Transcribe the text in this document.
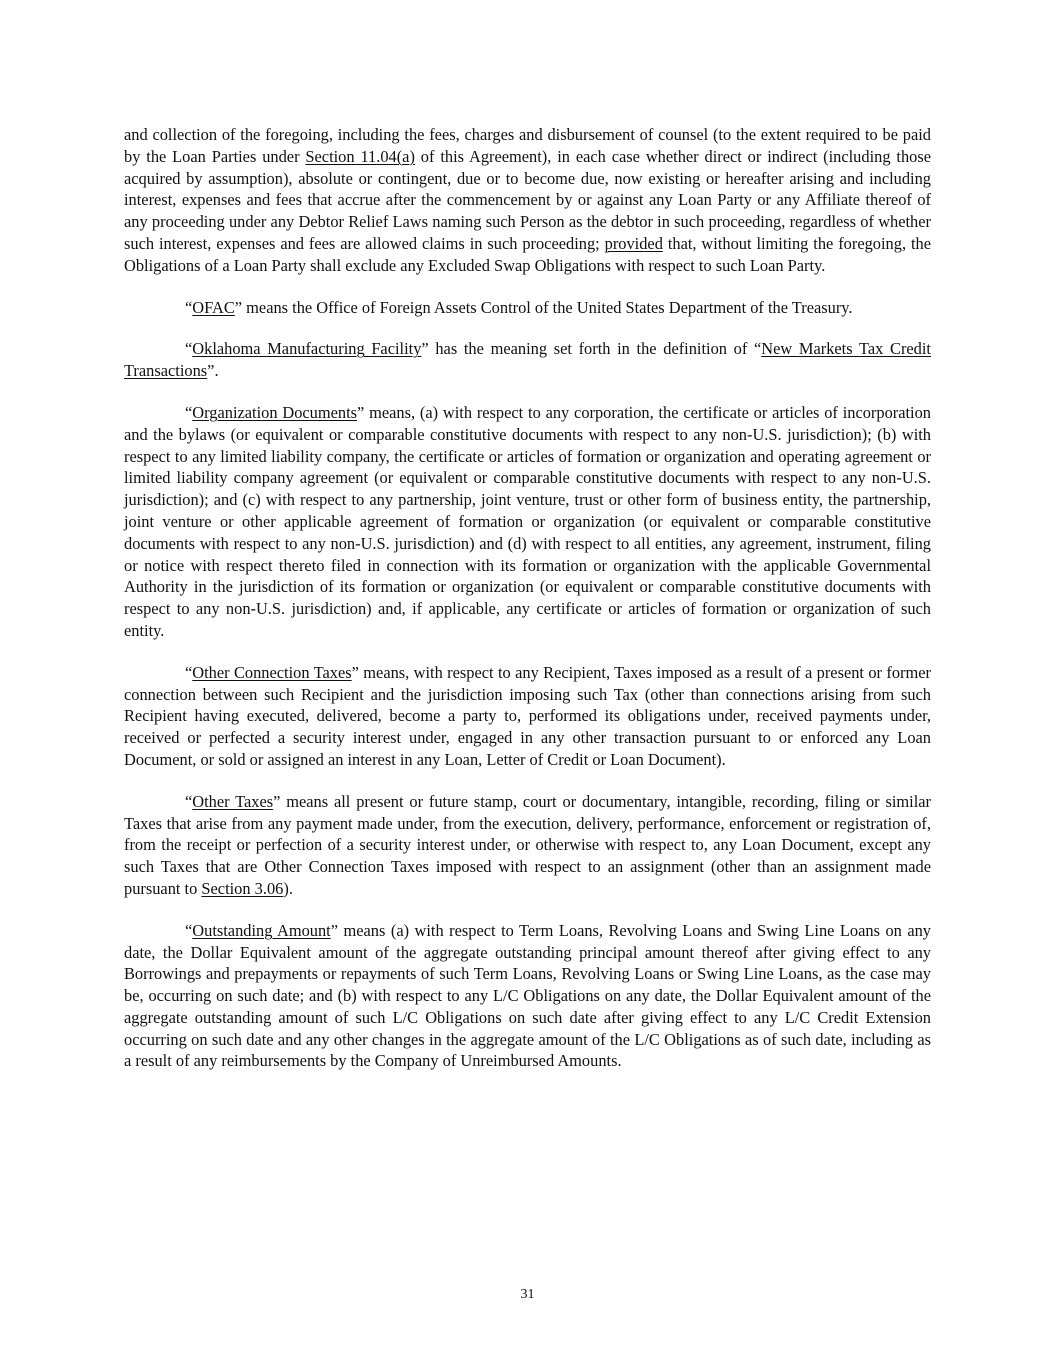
and collection of the foregoing, including the fees, charges and disbursement of counsel (to the extent required to be paid by the Loan Parties under Section 11.04(a) of this Agreement), in each case whether direct or indirect (including those acquired by assumption), absolute or contingent, due or to become due, now existing or hereafter arising and including interest, expenses and fees that accrue after the commencement by or against any Loan Party or any Affiliate thereof of any proceeding under any Debtor Relief Laws naming such Person as the debtor in such proceeding, regardless of whether such interest, expenses and fees are allowed claims in such proceeding; provided that, without limiting the foregoing, the Obligations of a Loan Party shall exclude any Excluded Swap Obligations with respect to such Loan Party.

“OFAC” means the Office of Foreign Assets Control of the United States Department of the Treasury.

“Oklahoma Manufacturing Facility” has the meaning set forth in the definition of “New Markets Tax Credit Transactions”.

“Organization Documents” means, (a) with respect to any corporation, the certificate or articles of incorporation and the bylaws (or equivalent or comparable constitutive documents with respect to any non-U.S. jurisdiction); (b) with respect to any limited liability company, the certificate or articles of formation or organization and operating agreement or limited liability company agreement (or equivalent or comparable constitutive documents with respect to any non-U.S. jurisdiction); and (c) with respect to any partnership, joint venture, trust or other form of business entity, the partnership, joint venture or other applicable agreement of formation or organization (or equivalent or comparable constitutive documents with respect to any non-U.S. jurisdiction) and (d) with respect to all entities, any agreement, instrument, filing or notice with respect thereto filed in connection with its formation or organization with the applicable Governmental Authority in the jurisdiction of its formation or organization (or equivalent or comparable constitutive documents with respect to any non-U.S. jurisdiction) and, if applicable, any certificate or articles of formation or organization of such entity.

“Other Connection Taxes” means, with respect to any Recipient, Taxes imposed as a result of a present or former connection between such Recipient and the jurisdiction imposing such Tax (other than connections arising from such Recipient having executed, delivered, become a party to, performed its obligations under, received payments under, received or perfected a security interest under, engaged in any other transaction pursuant to or enforced any Loan Document, or sold or assigned an interest in any Loan, Letter of Credit or Loan Document).

“Other Taxes” means all present or future stamp, court or documentary, intangible, recording, filing or similar Taxes that arise from any payment made under, from the execution, delivery, performance, enforcement or registration of, from the receipt or perfection of a security interest under, or otherwise with respect to, any Loan Document, except any such Taxes that are Other Connection Taxes imposed with respect to an assignment (other than an assignment made pursuant to Section 3.06).

“Outstanding Amount” means (a) with respect to Term Loans, Revolving Loans and Swing Line Loans on any date, the Dollar Equivalent amount of the aggregate outstanding principal amount thereof after giving effect to any Borrowings and prepayments or repayments of such Term Loans, Revolving Loans or Swing Line Loans, as the case may be, occurring on such date; and (b) with respect to any L/C Obligations on any date, the Dollar Equivalent amount of the aggregate outstanding amount of such L/C Obligations on such date after giving effect to any L/C Credit Extension occurring on such date and any other changes in the aggregate amount of the L/C Obligations as of such date, including as a result of any reimbursements by the Company of Unreimbursed Amounts.

31
